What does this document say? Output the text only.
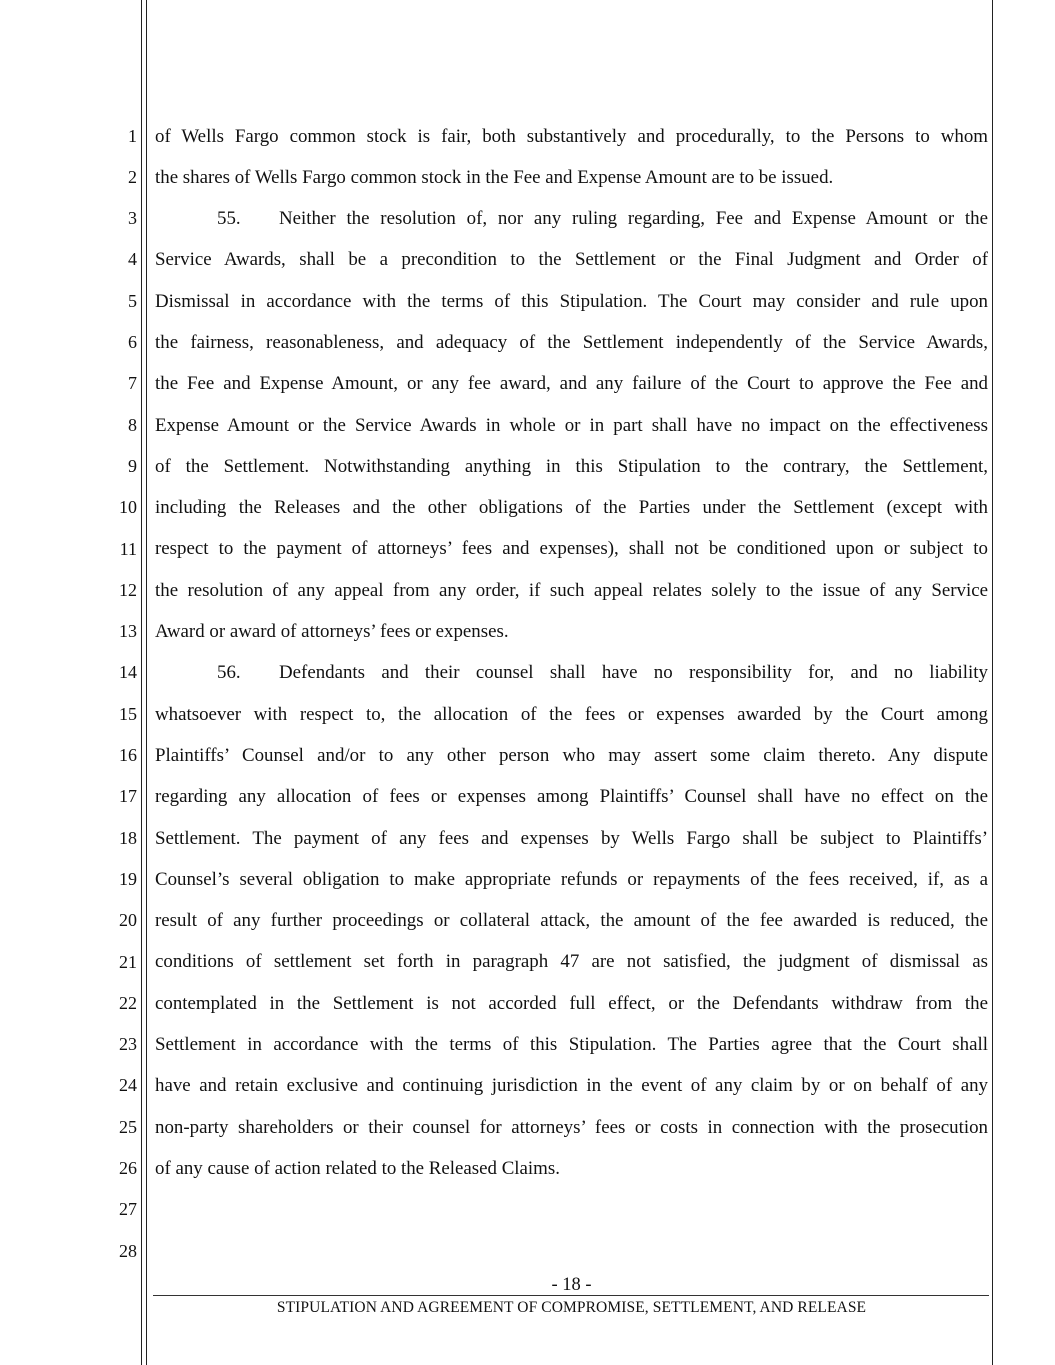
1
2
3
4
5
6
7
8
9
10
11
12
13
14
15
16
17
18
19
20
21
22
23
24
25
26
27
28
of Wells Fargo common stock is fair, both substantively and procedurally, to the Persons to whom
the shares of Wells Fargo common stock in the Fee and Expense Amount are to be issued.
55. Neither the resolution of, nor any ruling regarding, Fee and Expense Amount or the
Service Awards, shall be a precondition to the Settlement or the Final Judgment and Order of
Dismissal in accordance with the terms of this Stipulation. The Court may consider and rule upon
the fairness, reasonableness, and adequacy of the Settlement independently of the Service Awards,
the Fee and Expense Amount, or any fee award, and any failure of the Court to approve the Fee and
Expense Amount or the Service Awards in whole or in part shall have no impact on the effectiveness
of the Settlement. Notwithstanding anything in this Stipulation to the contrary, the Settlement,
including the Releases and the other obligations of the Parties under the Settlement (except with
respect to the payment of attorneys’ fees and expenses), shall not be conditioned upon or subject to
the resolution of any appeal from any order, if such appeal relates solely to the issue of any Service
Award or award of attorneys’ fees or expenses.
56. Defendants and their counsel shall have no responsibility for, and no liability
whatsoever with respect to, the allocation of the fees or expenses awarded by the Court among
Plaintiffs’ Counsel and/or to any other person who may assert some claim thereto. Any dispute
regarding any allocation of fees or expenses among Plaintiffs’ Counsel shall have no effect on the
Settlement. The payment of any fees and expenses by Wells Fargo shall be subject to Plaintiffs’
Counsel’s several obligation to make appropriate refunds or repayments of the fees received, if, as a
result of any further proceedings or collateral attack, the amount of the fee awarded is reduced, the
conditions of settlement set forth in paragraph 47 are not satisfied, the judgment of dismissal as
contemplated in the Settlement is not accorded full effect, or the Defendants withdraw from the
Settlement in accordance with the terms of this Stipulation. The Parties agree that the Court shall
have and retain exclusive and continuing jurisdiction in the event of any claim by or on behalf of any
non-party shareholders or their counsel for attorneys’ fees or costs in connection with the prosecution
of any cause of action related to the Released Claims.
- 18 -
STIPULATION AND AGREEMENT OF COMPROMISE, SETTLEMENT, AND RELEASE
